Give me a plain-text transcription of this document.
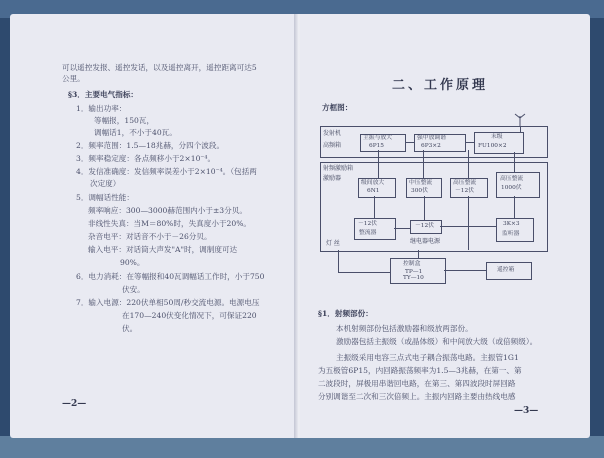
可以遥控发报、遥控发话，以及遥控离开，遥控距离可达5
公里。
§3．主要电气指标：
1．输出功率：
等幅报，150瓦，
调幅话1，不小于40瓦。
2．频率范围：1.5—18兆赫，分四个波段。
3．频率稳定度：各点频移小于2×10⁻⁴。
4．发信准确度：发信频率误差小于2×10⁻⁴。（包括两
次定度）
5．调幅话性能：
频率响应：300—3000赫范围内小于±3分贝。
非线性失真：当M＝80%时，失真度小于20%。
杂音电平：对话音不小于－26分贝。
输入电平：对话筒大声发"A"时，调制度可达
90%。
6．电力消耗：在等幅报和40瓦调幅话工作时，小于750
伏安。
7．输入电源：220伏单相50周/秒交流电源。电源电压
在170—240伏变化情况下，可保证220
伏。
—2—
二、工作原理
方框图：
发射机
高频箱
主振与放大
6P15
强中放调谐
6P3×2
末级
FU100×2
射频激励箱
激励器
级间放大
6N1
中压整流
300伏
高压整流
－12伏
高压整流
1000伏
－12伏
整流器
灯 丝
－12伏
继电器电源
3K×3
监听器
控制盒
TP—1
TY—10
遥控箱
§1．射频部份：
本机射频部份包括激励器和级放两部份。
激励器包括主振级（或晶体级）和中间放大级（或倍频级）。
主振级采用电容三点式电子耦合振荡电路。主振管1G1
为五极管6P15，内回路振荡频率为1.5—3兆赫，在第一、第
二波段时，屏极用串谐回电路，在第三、第四波段时屏回路
分别调谐至二次和三次倍频上。主振内回路主要由热线电感
—3—
